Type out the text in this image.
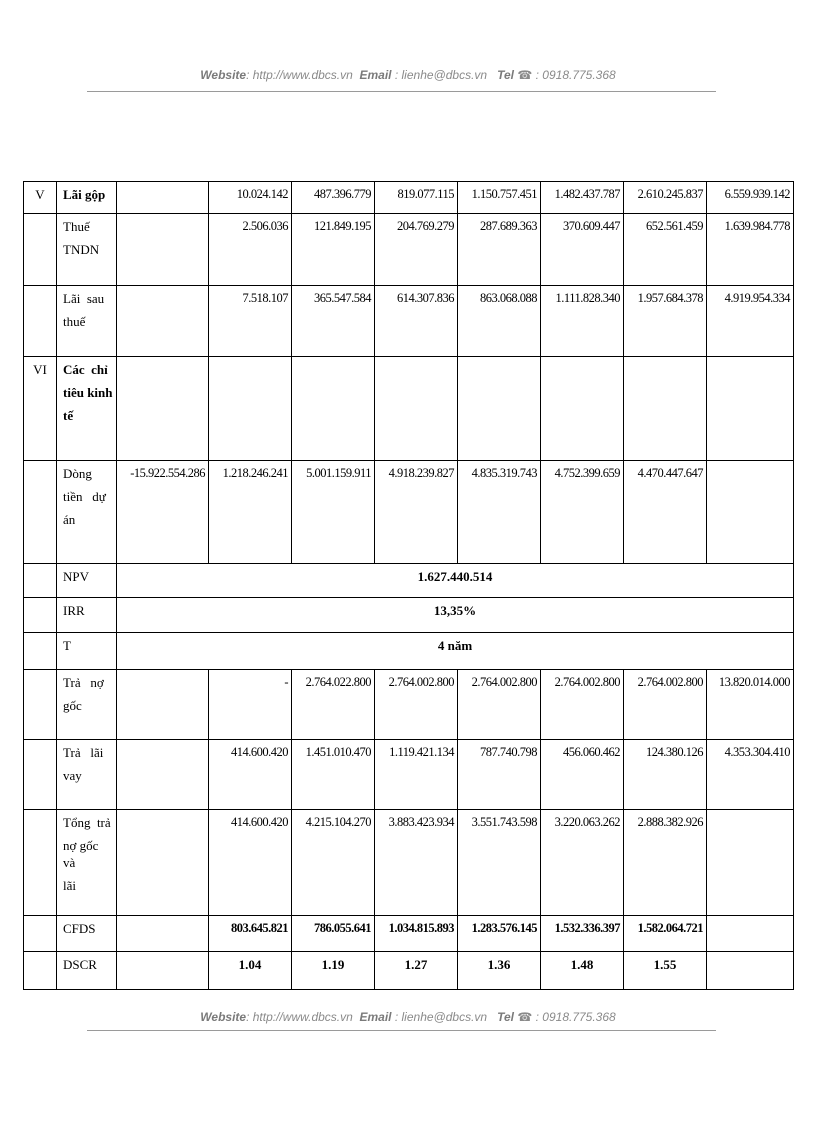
Website: http://www.dbcs.vn Email : lienhe@dbcs.vn Tel ☎ : 0918.775.368
V	Lãi gộp		10.024.142	487.396.779	819.077.115	1.150.757.451	1.482.437.787	2.610.245.837	6.559.939.142

	Thuế
TNDN		2.506.036	121.849.195	204.769.279	287.689.363	370.609.447	652.561.459	1.639.984.778

	Lãi  sau
thuế		7.518.107	365.547.584	614.307.836	863.068.088	1.111.828.340	1.957.684.378	4.919.954.334
VI	Các  chỉ
tiêu kinh
tế								

	Dòng
tiền   dự
án	-15.922.554.286	1.218.246.241	5.001.159.911	4.918.239.827	4.835.319.743	4.752.399.659	4.470.447.647	
	NPV	1.627.440.514							
	IRR	13,35%							
	T	4 năm							

	Trả   nợ
gốc		-	2.764.022.800	2.764.002.800	2.764.002.800	2.764.002.800	2.764.002.800	13.820.014.000

	Trả   lãi
vay		414.600.420	1.451.010.470	1.119.421.134	787.740.798	456.060.462	124.380.126	4.353.304.410

	Tổng  trả
nợ gốc và
lãi		414.600.420	4.215.104.270	3.883.423.934	3.551.743.598	3.220.063.262	2.888.382.926	
	CFDS		803.645.821	786.055.641	1.034.815.893	1.283.576.145	1.532.336.397	1.582.064.721	
	DSCR		1.04	1.19	1.27	1.36	1.48	1.55	
Website: http://www.dbcs.vn Email : lienhe@dbcs.vn Tel ☎ : 0918.775.368
